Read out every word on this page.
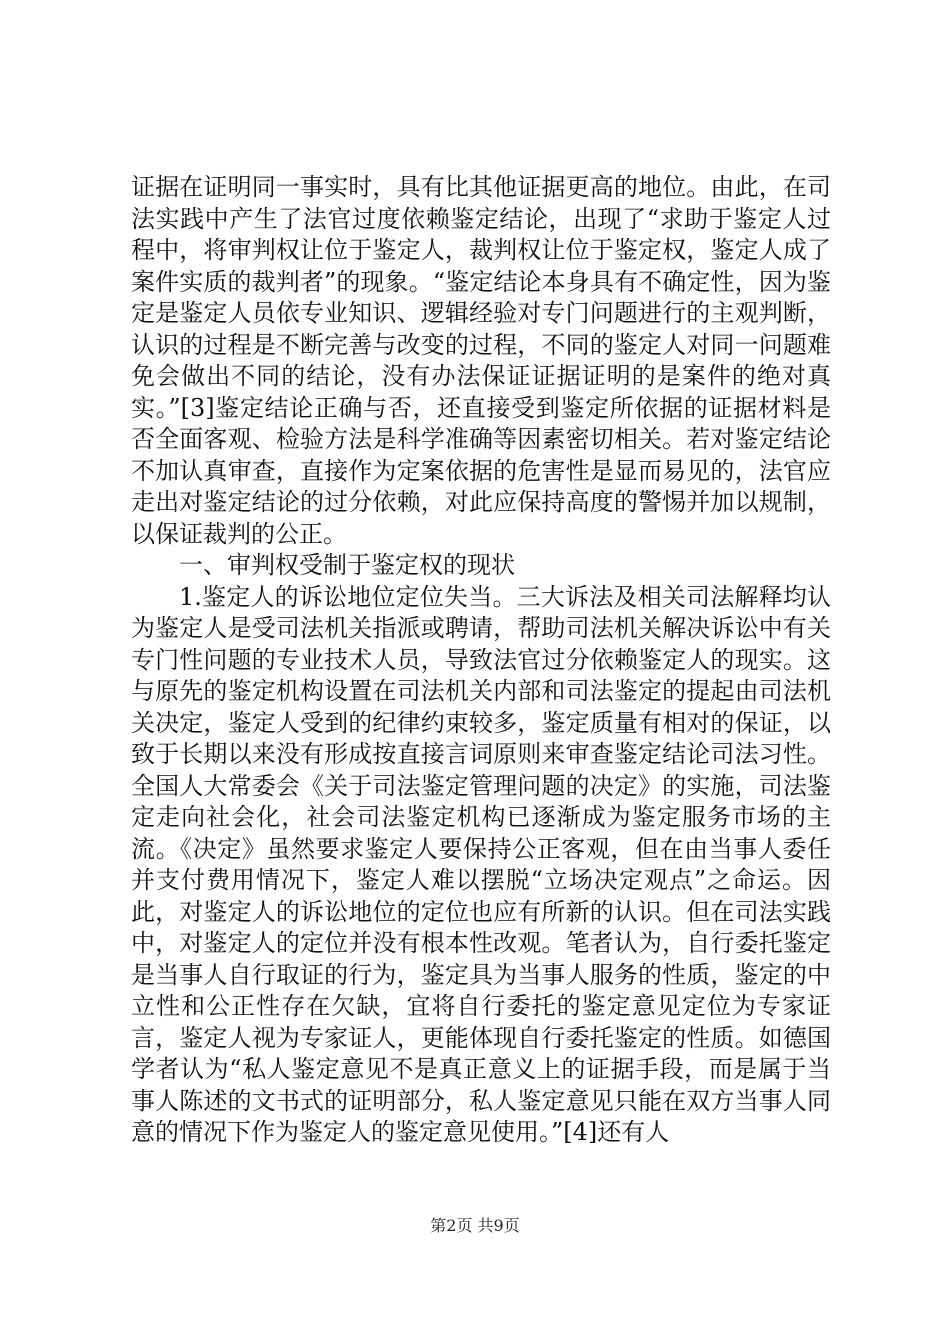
证据在证明同一事实时，具有比其他证据更高的地位。由此，在司法实践中产生了法官过度依赖鉴定结论，出现了“求助于鉴定人过程中，将审判权让位于鉴定人，裁判权让位于鉴定权，鉴定人成了案件实质的裁判者”的现象。“鉴定结论本身具有不确定性，因为鉴定是鉴定人员依专业知识、逻辑经验对专门问题进行的主观判断，认识的过程是不断完善与改变的过程，不同的鉴定人对同一问题难免会做出不同的结论，没有办法保证证据证明的是案件的绝对真实。”[3]鉴定结论正确与否，还直接受到鉴定所依据的证据材料是否全面客观、检验方法是科学准确等因素密切相关。若对鉴定结论不加认真审查，直接作为定案依据的危害性是显而易见的，法官应走出对鉴定结论的过分依赖，对此应保持高度的警惕并加以规制，以保证裁判的公正。

一、审判权受制于鉴定权的现状

1.鉴定人的诉讼地位定位失当。三大诉法及相关司法解释均认为鉴定人是受司法机关指派或聘请，帮助司法机关解决诉讼中有关专门性问题的专业技术人员，导致法官过分依赖鉴定人的现实。这与原先的鉴定机构设置在司法机关内部和司法鉴定的提起由司法机关决定，鉴定人受到的纪律约束较多，鉴定质量有相对的保证，以致于长期以来没有形成按直接言词原则来审查鉴定结论司法习性。全国人大常委会《关于司法鉴定管理问题的决定》的实施，司法鉴定走向社会化，社会司法鉴定机构已逐渐成为鉴定服务市场的主流。《决定》虽然要求鉴定人要保持公正客观，但在由当事人委任并支付费用情况下，鉴定人难以摆脱“立场决定观点”之命运。因此，对鉴定人的诉讼地位的定位也应有所新的认识。但在司法实践中，对鉴定人的定位并没有根本性改观。笔者认为，自行委托鉴定是当事人自行取证的行为，鉴定具为当事人服务的性质，鉴定的中立性和公正性存在欠缺，宜将自行委托的鉴定意见定位为专家证言，鉴定人视为专家证人，更能体现自行委托鉴定的性质。如德国学者认为“私人鉴定意见不是真正意义上的证据手段，而是属于当事人陈述的文书式的证明部分，私人鉴定意见只能在双方当事人同意的情况下作为鉴定人的鉴定意见使用。”[4]还有人

第2页 共9页
